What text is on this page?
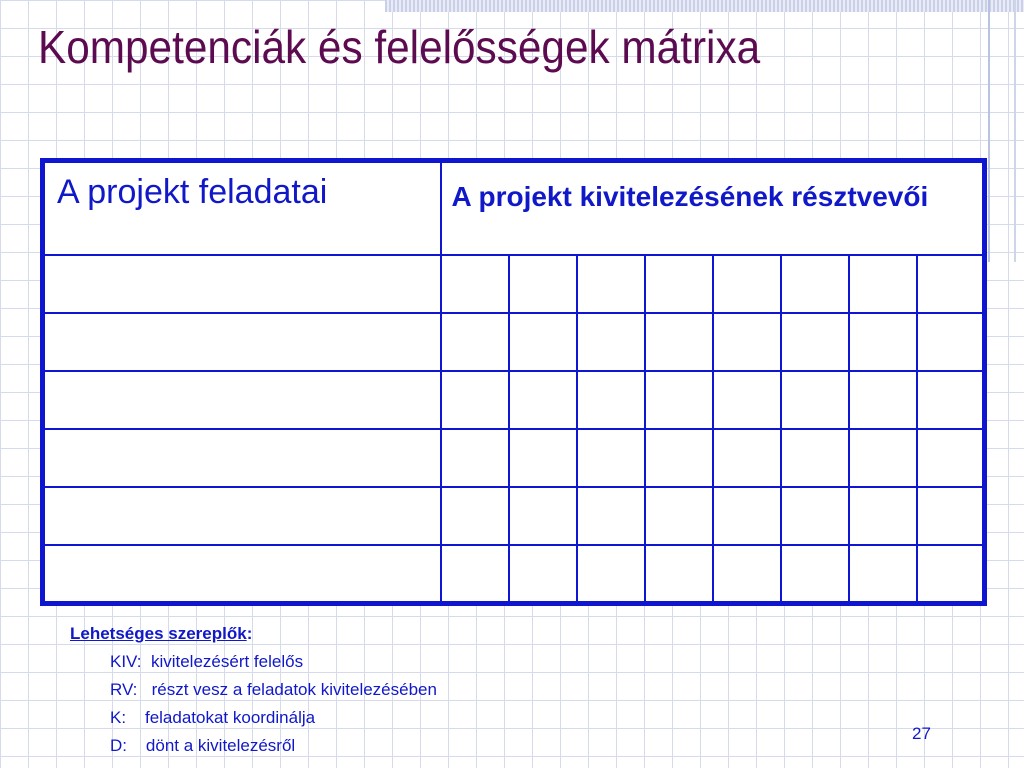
Kompetenciák és felelősségek mátrixa
A projekt feladatai	A projekt kivitelezésének résztvevői							

Lehetséges szereplők:
KIV: kivitelezésért felelős
RV: részt vesz a feladatok kivitelezésében
K: feladatokat koordinálja
D: dönt a kivitelezésről
27
